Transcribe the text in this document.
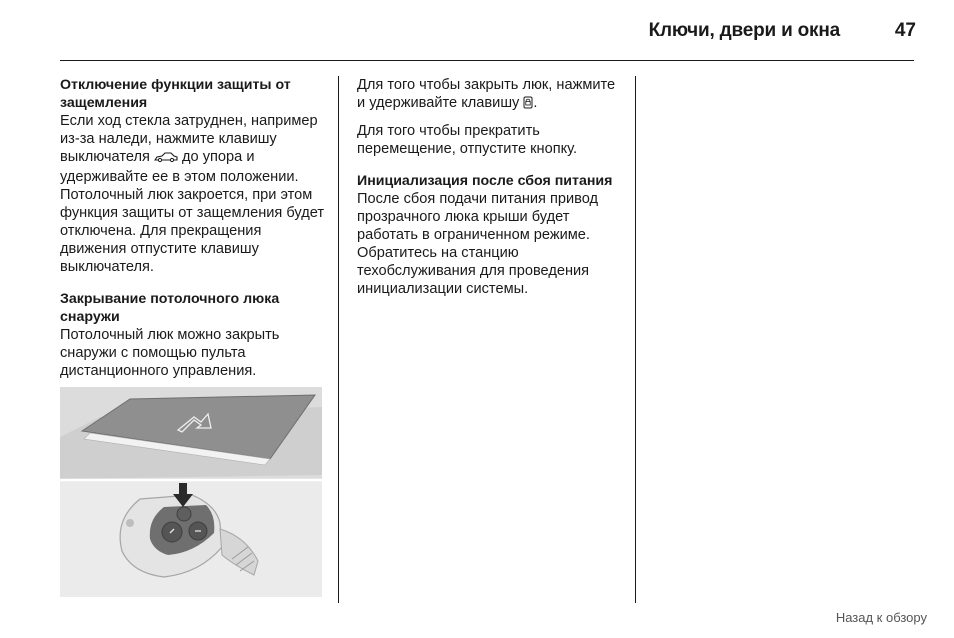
Ключи, двери и окна	47
Отключение функции защиты от защемления

Если ход стекла затруднен, например из-за наледи, нажмите клавишу выключателя до упора и удерживайте ее в этом положении. Потолочный люк закроется, при этом функция защиты от защемления будет отключена. Для прекращения движения отпустите клавишу выключателя.

Закрывание потолочного люка снаружи

Потолочный люк можно закрыть снаружи с помощью пульта дистанционного управления.

Для того чтобы закрыть люк, нажмите и удерживайте клавишу .

Для того чтобы прекратить перемещение, отпустите кнопку.

Инициализация после сбоя питания

После сбоя подачи питания привод прозрачного люка крыши будет работать в ограниченном режиме. Обратитесь на станцию техобслуживания для проведения инициализации системы.

Назад к обзору
